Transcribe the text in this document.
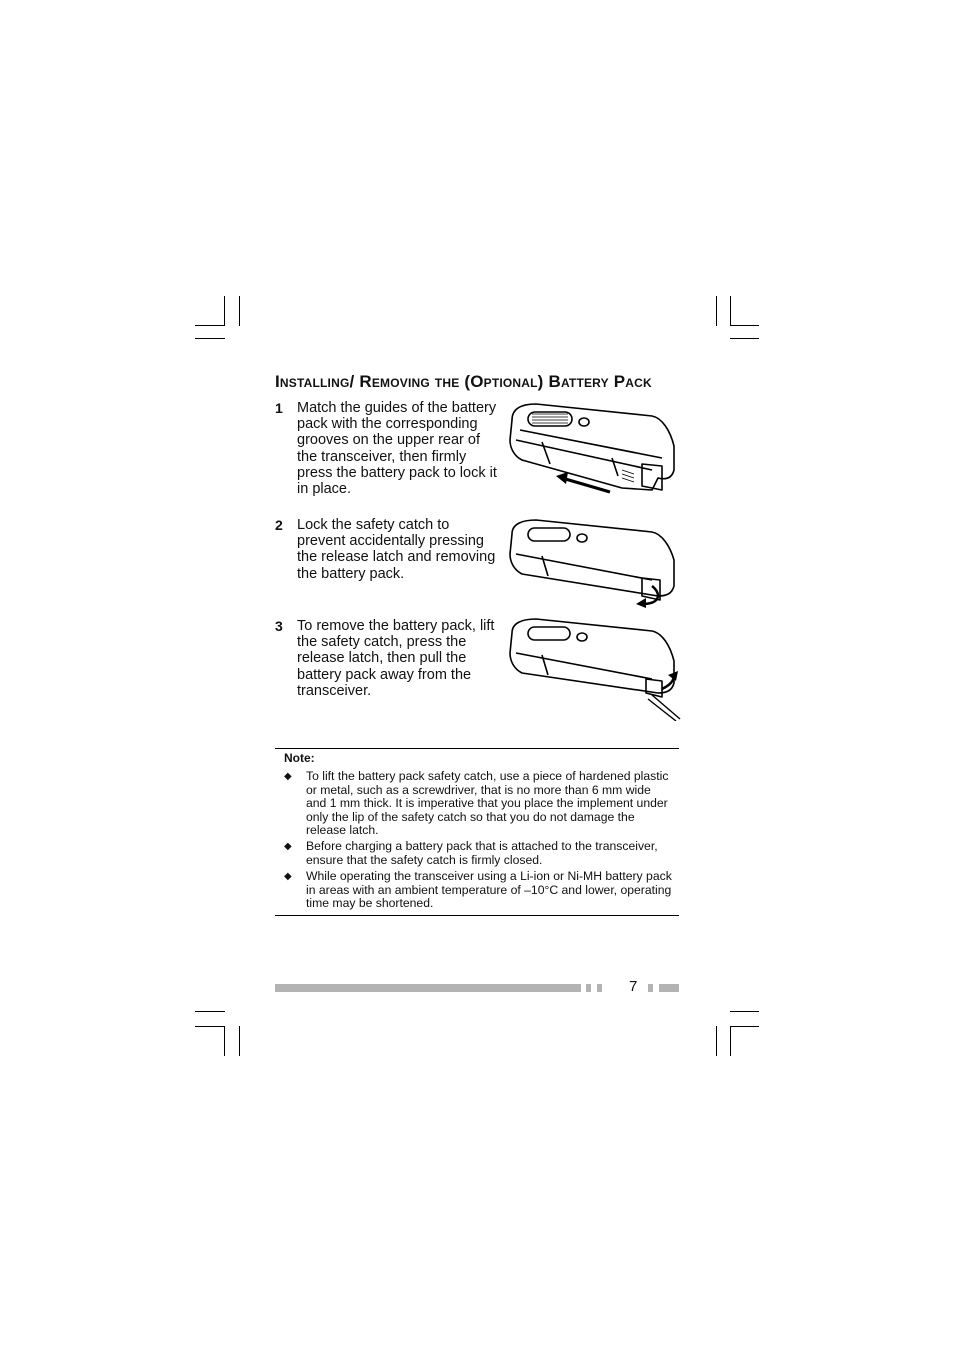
Installing/ Removing the (Optional) Battery Pack
1 Match the guides of the battery pack with the corresponding grooves on the upper rear of the transceiver, then firmly press the battery pack to lock it in place.
2 Lock the safety catch to prevent accidentally pressing the release latch and removing the battery pack.
3 To remove the battery pack, lift the safety catch, press the release latch, then pull the battery pack away from the transceiver.
Note:
◆ To lift the battery pack safety catch, use a piece of hardened plastic or metal, such as a screwdriver, that is no more than 6 mm wide and 1 mm thick. It is imperative that you place the implement under only the lip of the safety catch so that you do not damage the release latch.
◆ Before charging a battery pack that is attached to the transceiver, ensure that the safety catch is firmly closed.
◆ While operating the transceiver using a Li-ion or Ni-MH battery pack in areas with an ambient temperature of –10°C and lower, operating time may be shortened.
7
